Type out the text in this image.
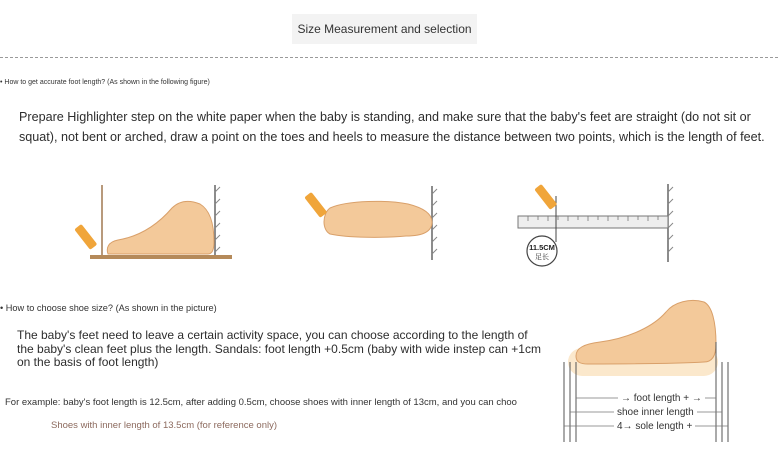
Size Measurement and selection
• How to get accurate foot length? (As shown in the following figure)
Prepare Highlighter step on the white paper when the baby is standing, and make sure that the baby's feet are straight (do not sit or squat), not bent or arched, draw a point on the toes and heels to measure the distance between two points, which is the length of feet.
11.5CM
足长
• How to choose shoe size? (As shown in the picture)
The baby's feet need to leave a certain activity space, you can choose according to the length of the baby's clean feet plus the length. Sandals: foot length +0.5cm (baby with wide instep can +1cm on the basis of foot length)
For example: baby's foot length is 12.5cm, after adding 0.5cm, choose shoes with inner length of 13cm, and you can choo
Shoes with inner length of 13.5cm (for reference only)
→ foot length + →
shoe inner length
4→ sole length +
